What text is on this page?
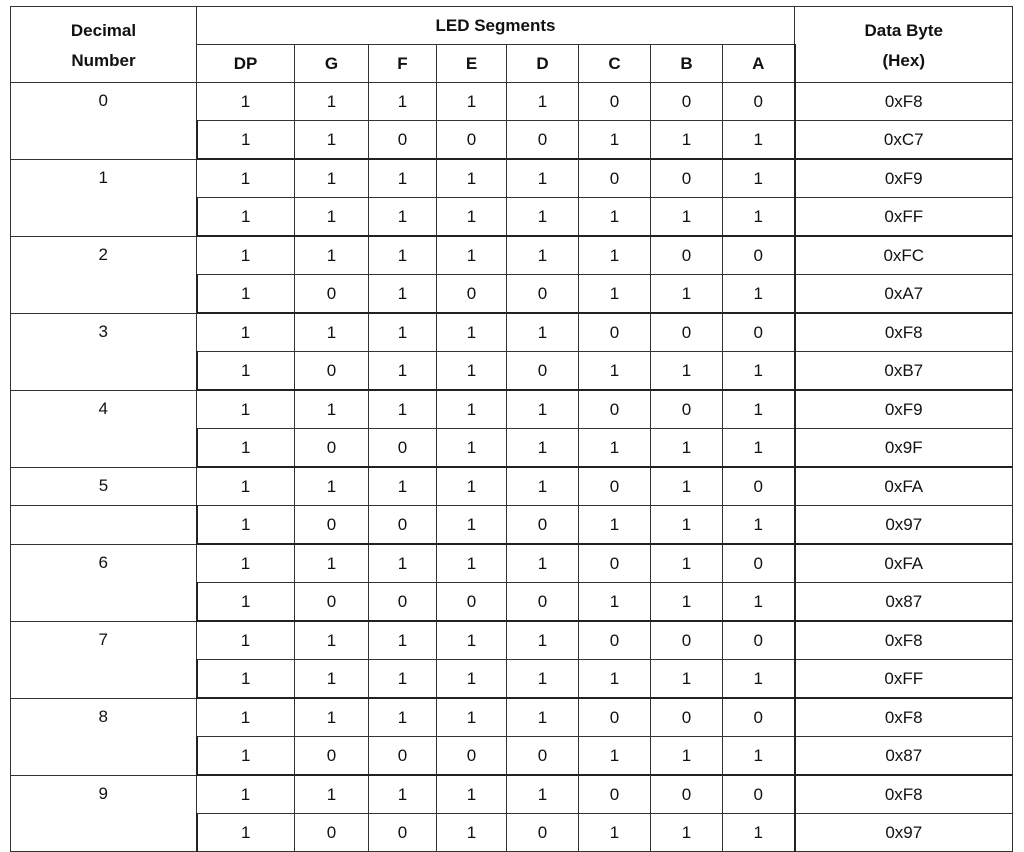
Decimal
Number	LED Segments								Data Byte
(Hex)
	DP	G	F	E	D	C	B	A	
0	1	1	1	1	1	0	0	0	0xF8
	1	1	0	0	0	1	1	1	0xC7
1	1	1	1	1	1	0	0	1	0xF9
	1	1	1	1	1	1	1	1	0xFF
2	1	1	1	1	1	1	0	0	0xFC
	1	0	1	0	0	1	1	1	0xA7
3	1	1	1	1	1	0	0	0	0xF8
	1	0	1	1	0	1	1	1	0xB7
4	1	1	1	1	1	0	0	1	0xF9
	1	0	0	1	1	1	1	1	0x9F
5	1	1	1	1	1	0	1	0	0xFA
	1	0	0	1	0	1	1	1	0x97
6	1	1	1	1	1	0	1	0	0xFA
	1	0	0	0	0	1	1	1	0x87
7	1	1	1	1	1	0	0	0	0xF8
	1	1	1	1	1	1	1	1	0xFF
8	1	1	1	1	1	0	0	0	0xF8
	1	0	0	0	0	1	1	1	0x87
9	1	1	1	1	1	0	0	0	0xF8
	1	0	0	1	0	1	1	1	0x97
